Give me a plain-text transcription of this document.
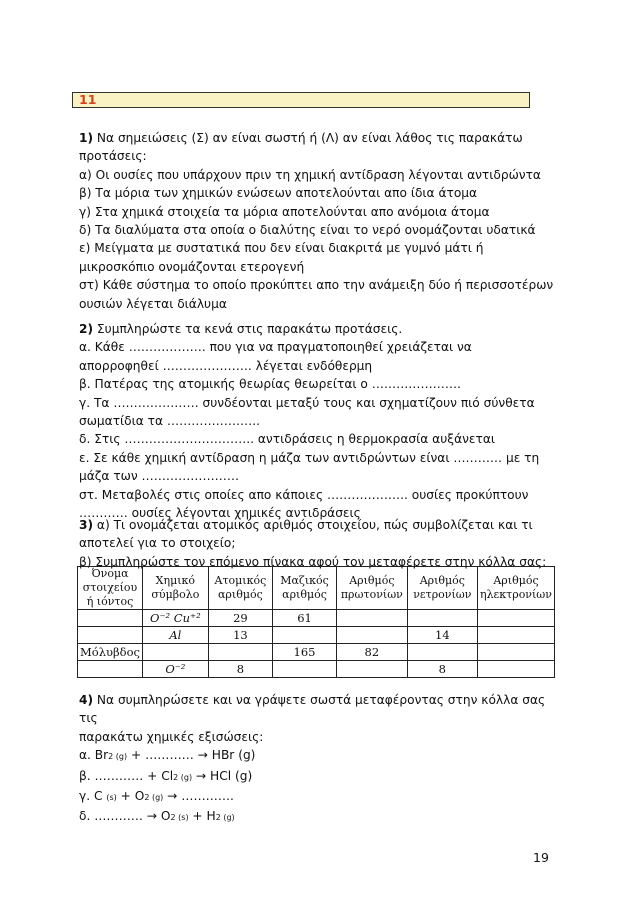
11

1) Να σημειώσεις (Σ) αν είναι σωστή ή (Λ) αν είναι λάθος τις παρακάτω

προτάσεις:

α) Οι ουσίες που υπάρχουν πριν τη χημική αντίδραση λέγονται αντιδρώντα

β) Τα μόρια των χημικών ενώσεων αποτελούνται απο ίδια άτομα

γ) Στα χημικά στοιχεία τα μόρια αποτελούνται απο ανόμοια άτομα

δ) Τα διαλύματα στα οποία ο διαλύτης είναι το νερό ονομάζονται υδατικά

ε) Μείγματα με συστατικά που δεν είναι διακριτά με γυμνό μάτι ή

μικροσκόπιο ονομάζονται ετερογενή

στ) Κάθε σύστημα το οποίο προκύπτει απο την ανάμειξη δύο ή περισσοτέρων

ουσιών λέγεται διάλυμα

2) Συμπληρώστε τα κενά στις παρακάτω προτάσεις.

α. Κάθε ………………. που για να πραγματοποιηθεί χρειάζεται να

απορροφηθεί …………………. λέγεται ενδόθερμη

β. Πατέρας της ατομικής θεωρίας θεωρείται ο ………………….

γ. Τα ………………… συνδέονται μεταξύ τους και σχηματίζουν πιό σύνθετα

σωματίδια τα …………………..

δ. Στις ………………………….. αντιδράσεις η θερμοκρασία αυξάνεται

ε. Σε κάθε χημική αντίδραση η μάζα των αντιδρώντων είναι ………… με τη

μάζα των ……………………

στ. Μεταβολές στις οποίες απο κάποιες ……………….. ουσίες προκύπτουν

………… ουσίες λέγονται χημικές αντιδράσεις

3) α) Τι ονομάζεται ατομικός αριθμός στοιχείου, πώς συμβολίζεται και τι

αποτελεί για το στοιχείο;

β) Συμπληρώστε τον επόμενο πίνακα αφού τον μεταφέρετε στην κόλλα σας:

Όνομα στοιχείου ή ιόντος	Χημικό σύμβολο	Ατομικός αριθμός	Μαζικός αριθμός	Αριθμός πρωτονίων	Αριθμός νετρονίων	Αριθμός ηλεκτρονίων
	O⁻² Cu⁺²	29	61			
	Al	13			14	
Μόλυβδος			165	82		
	O⁻²	8			8	

4) Να συμπληρώσετε και να γράψετε σωστά μεταφέροντας στην κόλλα σας τις

παρακάτω χημικές εξισώσεις:

α. Br2 (g) + ………… → HBr (g)

β. ………… + Cl2 (g) → HCl (g)

γ. C (s) + O2 (g) → ………….

δ. ………… → O2 (s) + H2 (g)

19
